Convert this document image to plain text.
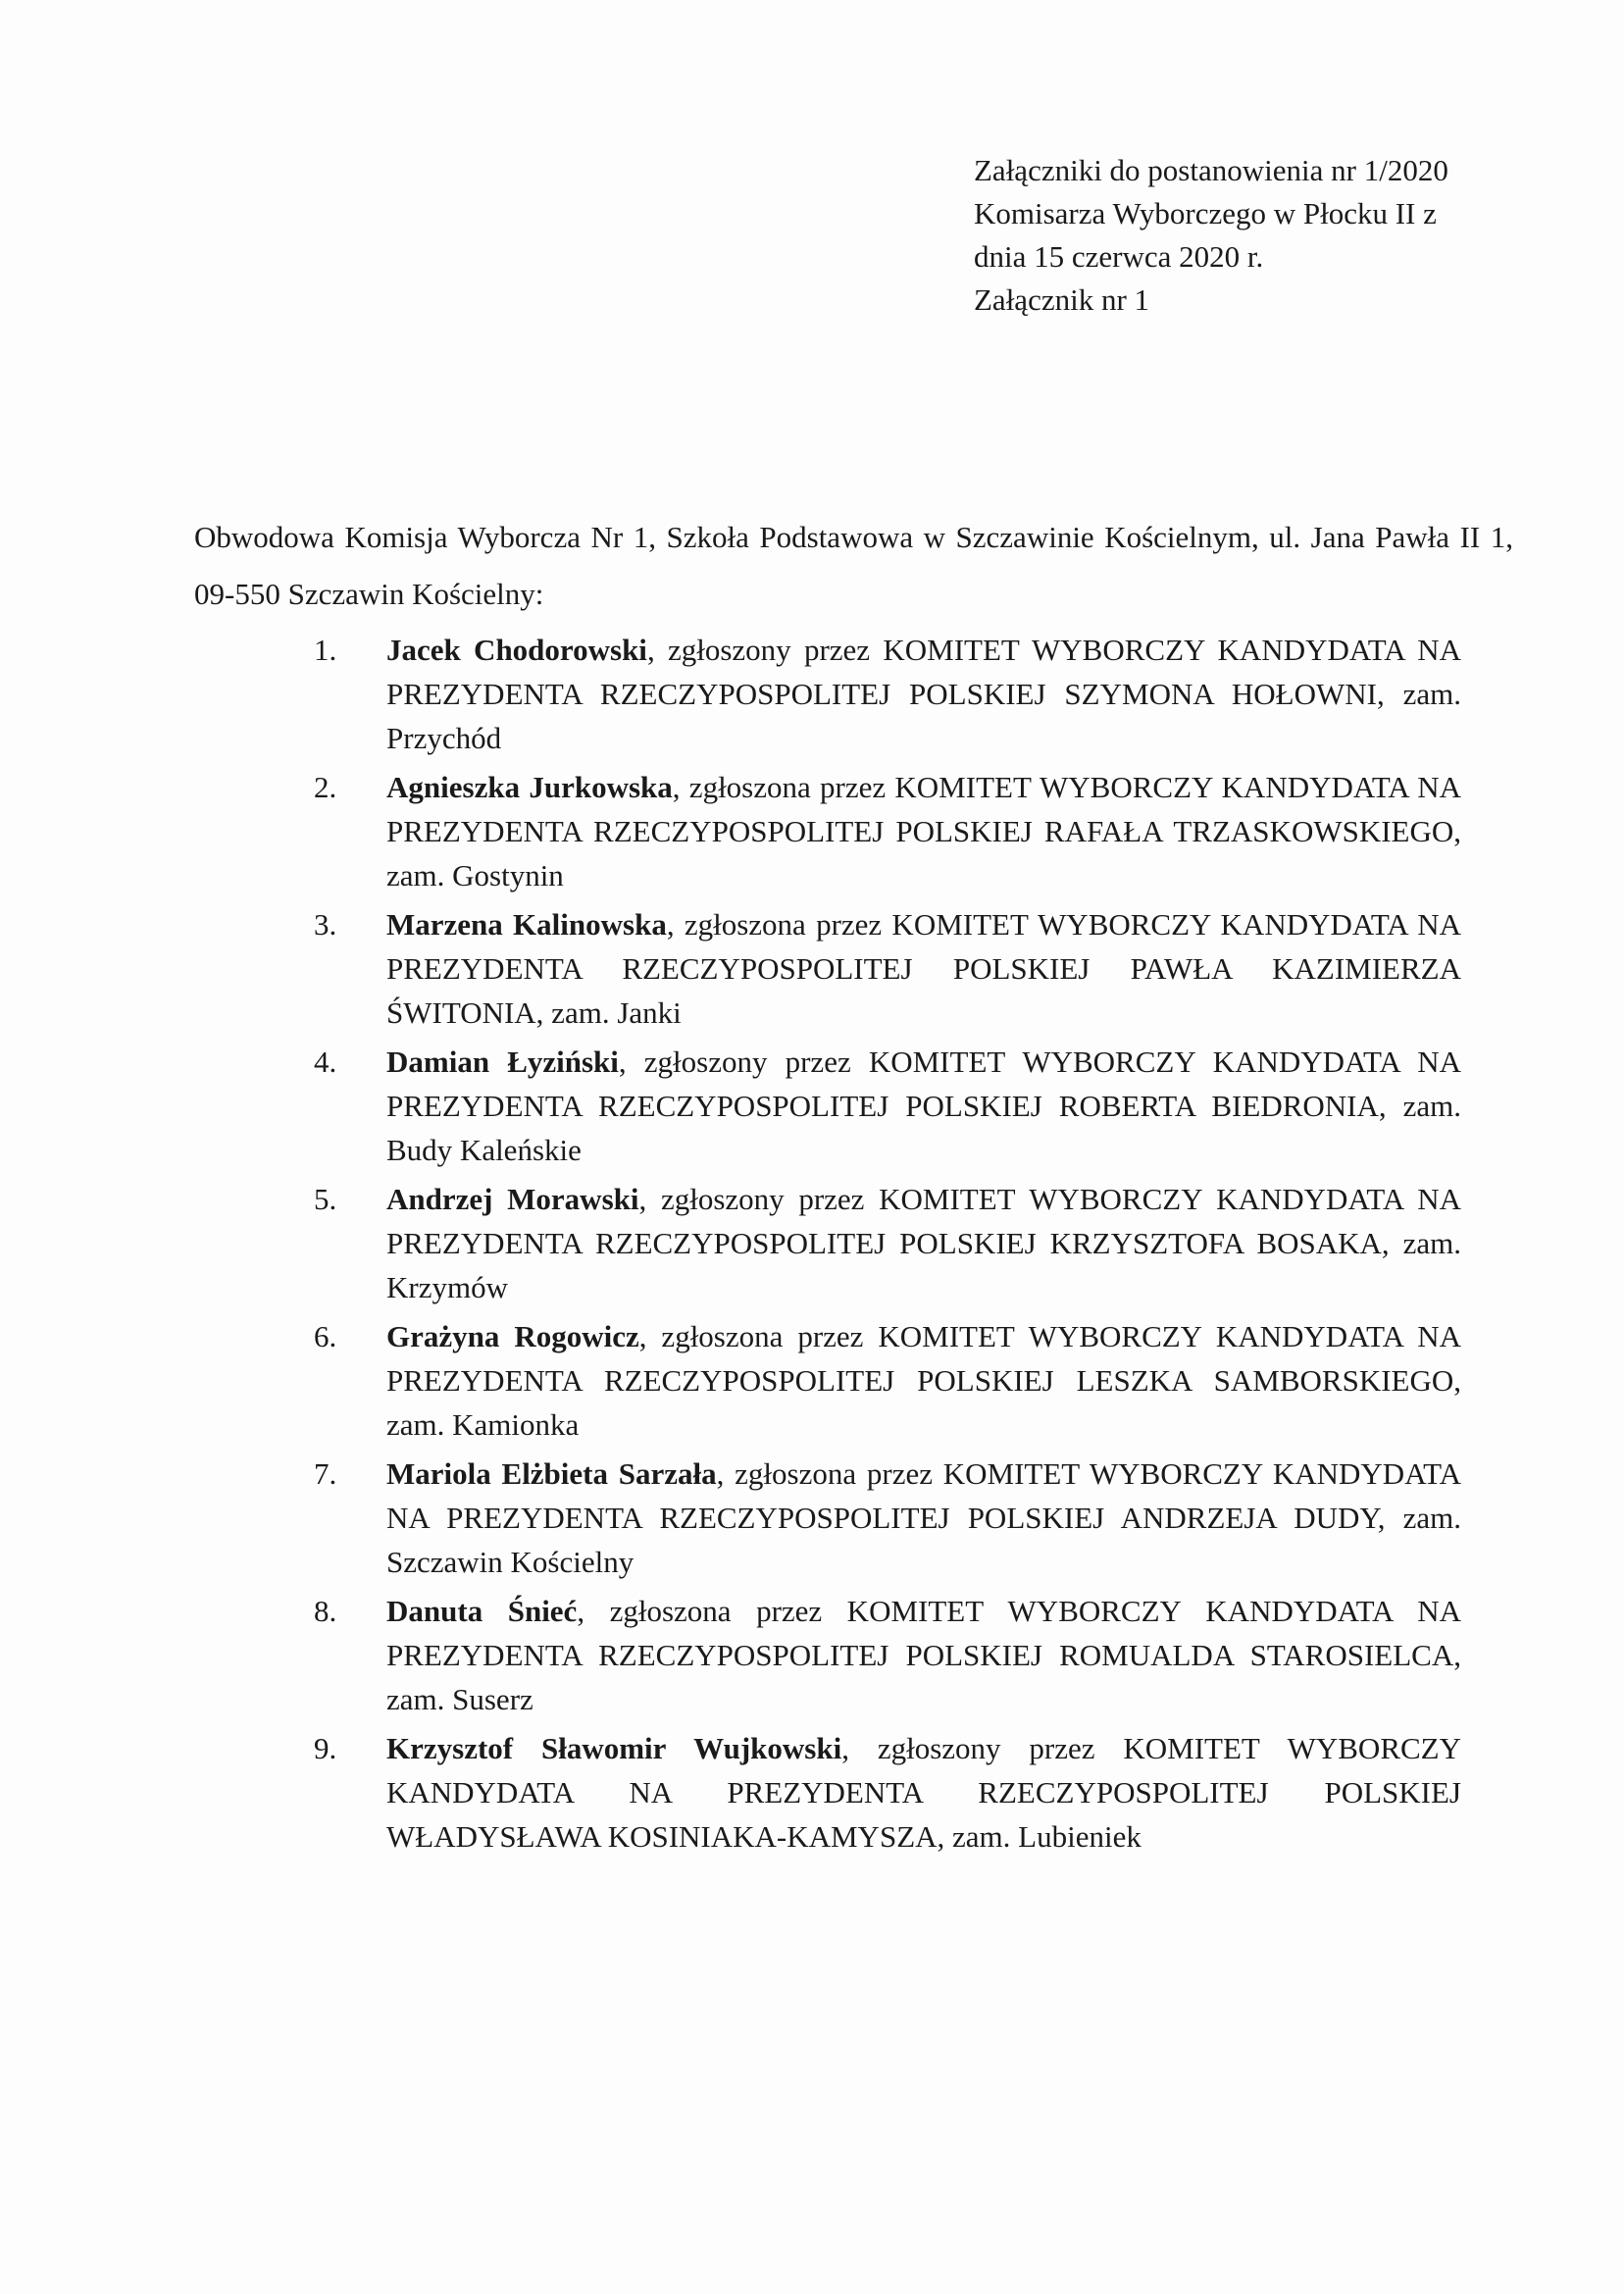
Załączniki do postanowienia nr 1/2020
Komisarza Wyborczego w Płocku II z
dnia 15 czerwca 2020 r.
Załącznik nr 1

Obwodowa Komisja Wyborcza Nr 1, Szkoła Podstawowa w Szczawinie Kościelnym, ul. Jana Pawła II 1, 09-550 Szczawin Kościelny:

1.	Jacek Chodorowski, zgłoszony przez KOMITET WYBORCZY KANDYDATA NA PREZYDENTA RZECZYPOSPOLITEJ POLSKIEJ SZYMONA HOŁOWNI, zam. Przychód
2.	Agnieszka Jurkowska, zgłoszona przez KOMITET WYBORCZY KANDYDATA NA PREZYDENTA RZECZYPOSPOLITEJ POLSKIEJ RAFAŁA TRZASKOWSKIEGO, zam. Gostynin
3.	Marzena Kalinowska, zgłoszona przez KOMITET WYBORCZY KANDYDATA NA PREZYDENTA RZECZYPOSPOLITEJ POLSKIEJ PAWŁA KAZIMIERZA ŚWITONIA, zam. Janki
4.	Damian Łyziński, zgłoszony przez KOMITET WYBORCZY KANDYDATA NA PREZYDENTA RZECZYPOSPOLITEJ POLSKIEJ ROBERTA BIEDRONIA, zam. Budy Kaleńskie
5.	Andrzej Morawski, zgłoszony przez KOMITET WYBORCZY KANDYDATA NA PREZYDENTA RZECZYPOSPOLITEJ POLSKIEJ KRZYSZTOFA BOSAKA, zam. Krzymów
6.	Grażyna Rogowicz, zgłoszona przez KOMITET WYBORCZY KANDYDATA NA PREZYDENTA RZECZYPOSPOLITEJ POLSKIEJ LESZKA SAMBORSKIEGO, zam. Kamionka
7.	Mariola Elżbieta Sarzała, zgłoszona przez KOMITET WYBORCZY KANDYDATA NA PREZYDENTA RZECZYPOSPOLITEJ POLSKIEJ ANDRZEJA DUDY, zam. Szczawin Kościelny
8.	Danuta Śnieć, zgłoszona przez KOMITET WYBORCZY KANDYDATA NA PREZYDENTA RZECZYPOSPOLITEJ POLSKIEJ ROMUALDA STAROSIELCA, zam. Suserz
9.	Krzysztof Sławomir Wujkowski, zgłoszony przez KOMITET WYBORCZY KANDYDATA NA PREZYDENTA RZECZYPOSPOLITEJ POLSKIEJ WŁADYSŁAWA KOSINIAKA-KAMYSZA, zam. Lubieniek
